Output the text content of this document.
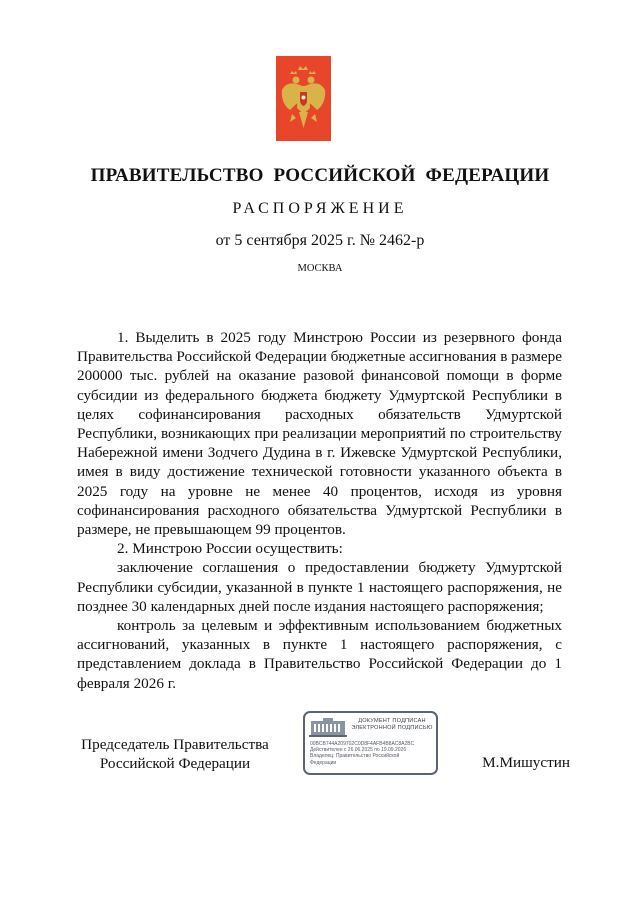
ПРАВИТЕЛЬСТВО РОССИЙСКОЙ ФЕДЕРАЦИИ
РАСПОРЯЖЕНИЕ
от 5 сентября 2025 г. № 2462-р
МОСКВА

1. Выделить в 2025 году Минстрою России из резервного фонда Правительства Российской Федерации бюджетные ассигнования в размере 200000 тыс. рублей на оказание разовой финансовой помощи в форме субсидии из федерального бюджета бюджету Удмуртской Республики в целях софинансирования расходных обязательств Удмуртской Республики, возникающих при реализации мероприятий по строительству Набережной имени Зодчего Дудина в г. Ижевске Удмуртской Республики, имея в виду достижение технической готовности указанного объекта в 2025 году на уровне не менее 40 процентов, исходя из уровня софинансирования расходного обязательства Удмуртской Республики в размере, не превышающем 99 процентов.

2. Минстрою России осуществить:

заключение соглашения о предоставлении бюджету Удмуртской Республики субсидии, указанной в пункте 1 настоящего распоряжения, не позднее 30 календарных дней после издания настоящего распоряжения;

контроль за целевым и эффективным использованием бюджетных ассигнований, указанных в пункте 1 настоящего распоряжения, с представлением доклада в Правительство Российской Федерации до 1 февраля 2026 г.

Председатель Правительства
Российской Федерации
ДОКУМЕНТ ПОДПИСАН
ЭЛЕКТРОННОЙ ПОДПИСЬЮ
00BCB744A209702C0D8F4AFB4B8AC8A2BC
Действителен с 26.06.2025 по 19.09.2026
Владелец: Правительство Российской
Федерации	М.Мишустин
